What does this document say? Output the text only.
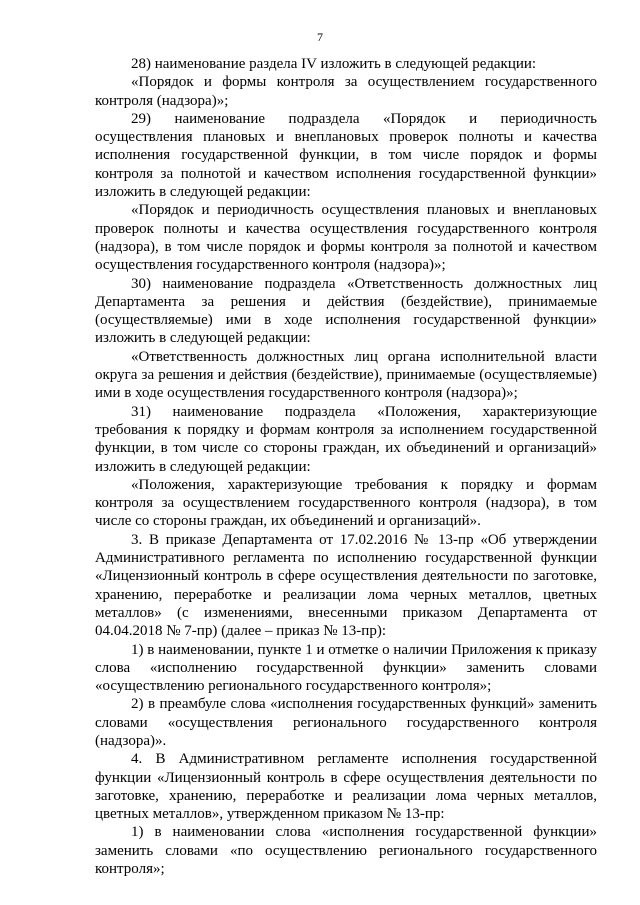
7

28) наименование раздела IV изложить в следующей редакции:

«Порядок и формы контроля за осуществлением государственного контроля (надзора)»;

29) наименование подраздела «Порядок и периодичность осуществления плановых и внеплановых проверок полноты и качества исполнения государственной функции, в том числе порядок и формы контроля за полнотой и качеством исполнения государственной функции» изложить в следующей редакции:

«Порядок и периодичность осуществления плановых и внеплановых проверок полноты и качества осуществления государственного контроля (надзора), в том числе порядок и формы контроля за полнотой и качеством осуществления государственного контроля (надзора)»;

30) наименование подраздела «Ответственность должностных лиц Департамента за решения и действия (бездействие), принимаемые (осуществляемые) ими в ходе исполнения государственной функции» изложить в следующей редакции:

«Ответственность должностных лиц органа исполнительной власти округа за решения и действия (бездействие), принимаемые (осуществляемые) ими в ходе осуществления государственного контроля (надзора)»;

31) наименование подраздела «Положения, характеризующие требования к порядку и формам контроля за исполнением государственной функции, в том числе со стороны граждан, их объединений и организаций» изложить в следующей редакции:

«Положения, характеризующие требования к порядку и формам контроля за осуществлением государственного контроля (надзора), в том числе со стороны граждан, их объединений и организаций».

3. В приказе Департамента от 17.02.2016 № 13-пр «Об утверждении Административного регламента по исполнению государственной функции «Лицензионный контроль в сфере осуществления деятельности по заготовке, хранению, переработке и реализации лома черных металлов, цветных металлов» (с изменениями, внесенными приказом Департамента от 04.04.2018 № 7-пр) (далее – приказ № 13-пр):

1) в наименовании, пункте 1 и отметке о наличии Приложения к приказу слова «исполнению государственной функции» заменить словами «осуществлению регионального государственного контроля»;

2) в преамбуле слова «исполнения государственных функций» заменить словами «осуществления регионального государственного контроля (надзора)».

4. В Административном регламенте исполнения государственной функции «Лицензионный контроль в сфере осуществления деятельности по заготовке, хранению, переработке и реализации лома черных металлов, цветных металлов», утвержденном приказом № 13-пр:

1) в наименовании слова «исполнения государственной функции» заменить словами «по осуществлению регионального государственного контроля»;
